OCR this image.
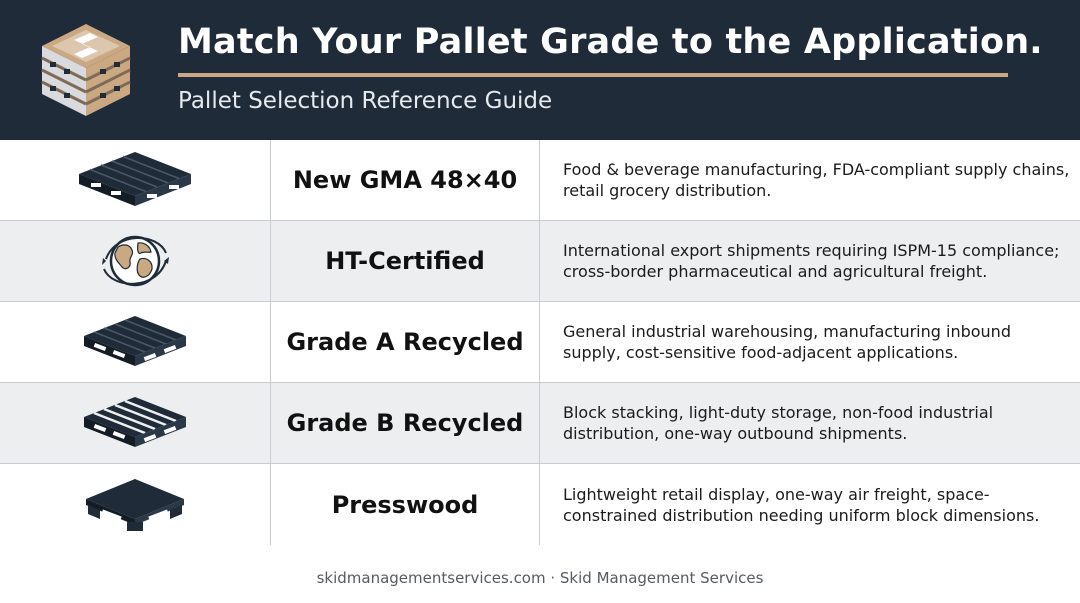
Match Your Pallet Grade to the Application.
Pallet Selection Reference Guide
New GMA 48×40	Food & beverage manufacturing, FDA-compliant supply chains, retail grocery distribution.
HT-Certified	International export shipments requiring ISPM-15 compliance; cross-border pharmaceutical and agricultural freight.
Grade A Recycled	General industrial warehousing, manufacturing inbound supply, cost-sensitive food-adjacent applications.
Grade B Recycled	Block stacking, light-duty storage, non-food industrial distribution, one-way outbound shipments.
Presswood	Lightweight retail display, one-way air freight, space-constrained distribution needing uniform block dimensions.
skidmanagementservices.com · Skid Management Services
